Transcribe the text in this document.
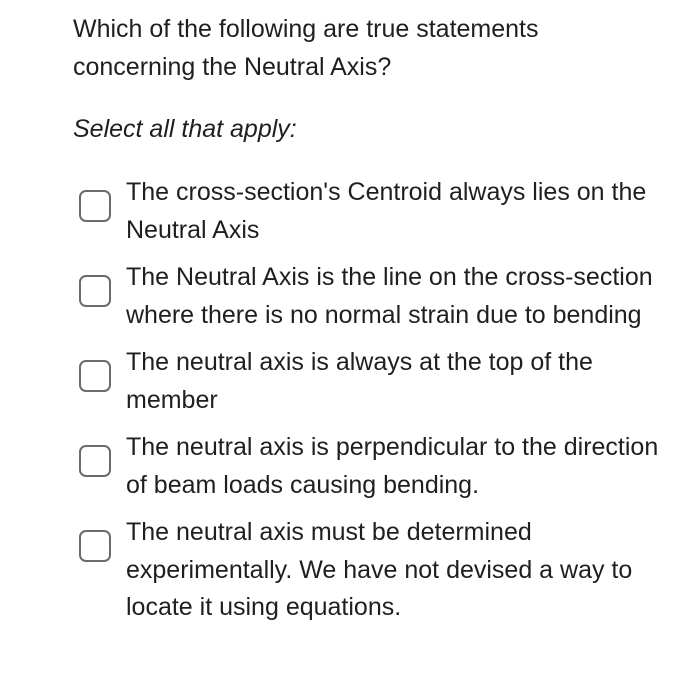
Which of the following are true statements concerning the Neutral Axis?

Select all that apply:

The cross-section's Centroid always lies on the Neutral Axis
The Neutral Axis is the line on the cross-section where there is no normal strain due to bending
The neutral axis is always at the top of the member
The neutral axis is perpendicular to the direction of beam loads causing bending.
The neutral axis must be determined experimentally. We have not devised a way to locate it using equations.
